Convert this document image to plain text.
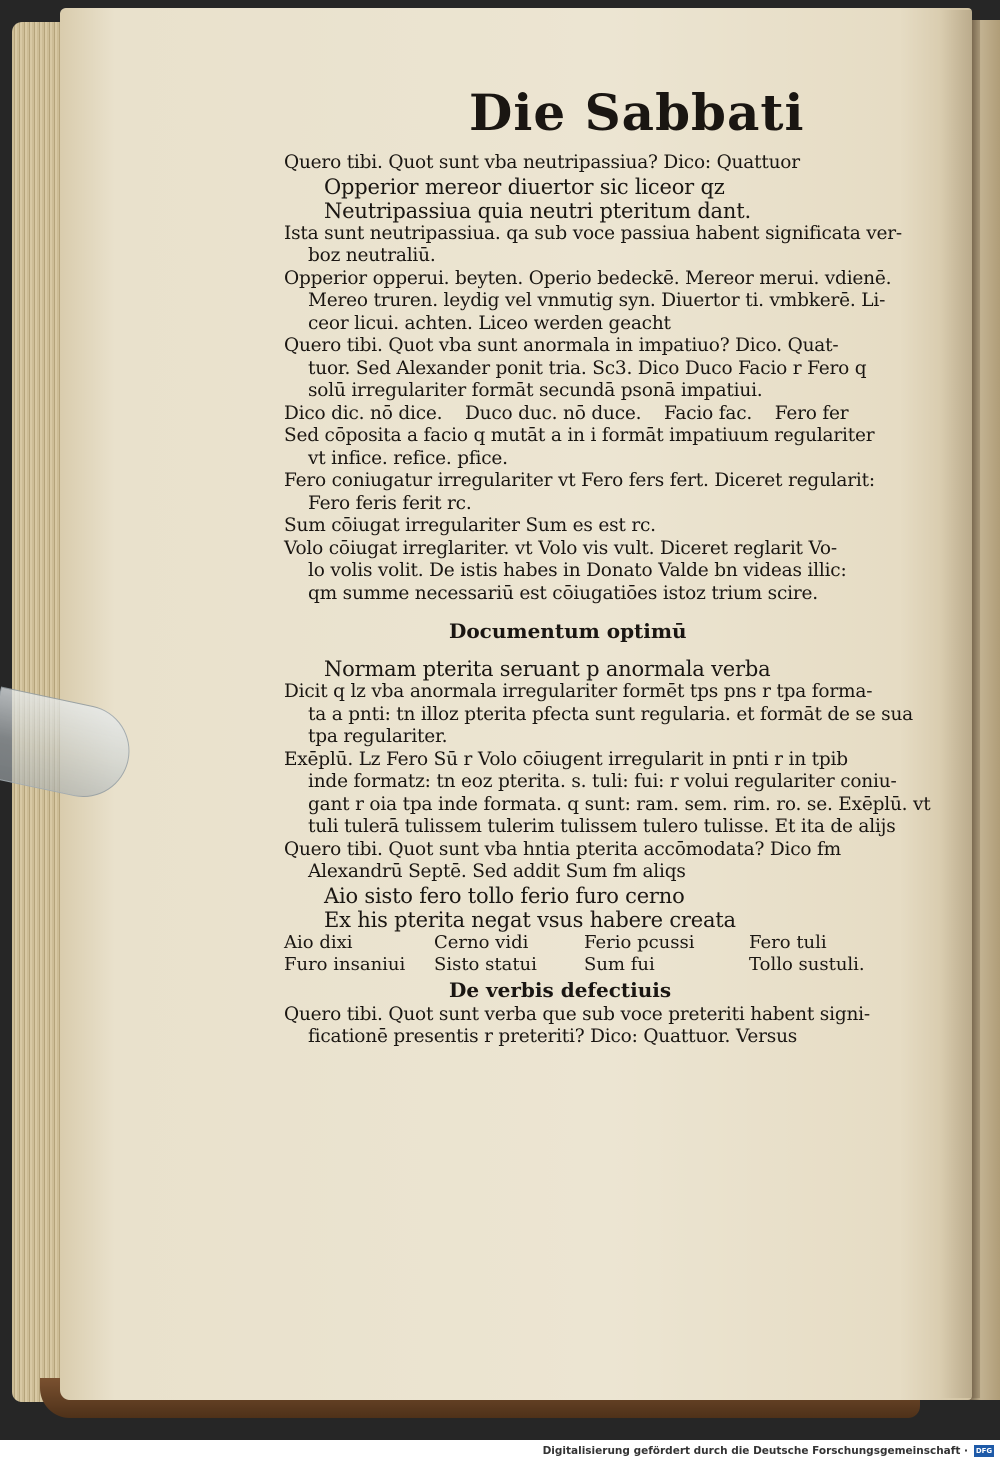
Die Sabbati
Quero tibi. Quot sunt vba neutripassiua? Dico: Quattuor
Opperior mereor diuertor sic liceor qz
Neutripassiua quia neutri pteritum dant.
Ista sunt neutripassiua. qa sub voce passiua habent significata ver-
boz neutraliū.
Opperior opperui. beyten. Operio bedeckē. Mereor merui. vdienē.
Mereo truren. leydig vel vnmutig syn. Diuertor ti. vmbkerē. Li-
ceor licui. achten. Liceo werden geacht
Quero tibi. Quot vba sunt anormala in impatiuo? Dico. Quat-
tuor. Sed Alexander ponit tria. Sc3. Dico Duco Facio r Fero q
solū irregulariter formāt secundā psonā impatiui.
Dico dic. nō dice.    Duco duc. nō duce.    Facio fac.    Fero fer
Sed cōposita a facio q mutāt a in i formāt impatiuum regulariter
vt infice. refice. pfice.
Fero coniugatur irregulariter vt Fero fers fert. Diceret regularit:
Fero feris ferit rc.
Sum cōiugat irregulariter Sum es est rc.
Volo cōiugat irreglariter. vt Volo vis vult. Diceret reglarit Vo-
lo volis volit. De istis habes in Donato Valde bn videas illic:
qm summe necessariū est cōiugatiōes istoz trium scire.
Documentum optimū
Normam pterita seruant p anormala verba
Dicit q lz vba anormala irregulariter formēt tps pns r tpa forma-
ta a pnti: tn illoz pterita pfecta sunt regularia. et formāt de se sua
tpa regulariter.
Exēplū. Lz Fero Sū r Volo cōiugent irregularit in pnti r in tpib
inde formatz: tn eoz pterita. s. tuli: fui: r volui regulariter coniu-
gant r oia tpa inde formata. q sunt: ram. sem. rim. ro. se. Exēplū. vt
tuli tulerā tulissem tulerim tulissem tulero tulisse. Et ita de alijs
Quero tibi. Quot sunt vba hntia pterita accōmodata? Dico fm
Alexandrū Septē. Sed addit Sum fm aliqs
Aio sisto fero tollo ferio furo cerno
Ex his pterita negat vsus habere creata
Aio dixi	Cerno vidi	Ferio pcussi	Fero tuli
Furo insaniui	Sisto statui	Sum fui	Tollo sustuli.
De verbis defectiuis
Quero tibi. Quot sunt verba que sub voce preteriti habent signi-
ficationē presentis r preteriti? Dico: Quattuor. Versus
Digitalisierung gefördert durch die Deutsche Forschungsgemeinschaft · DFG
